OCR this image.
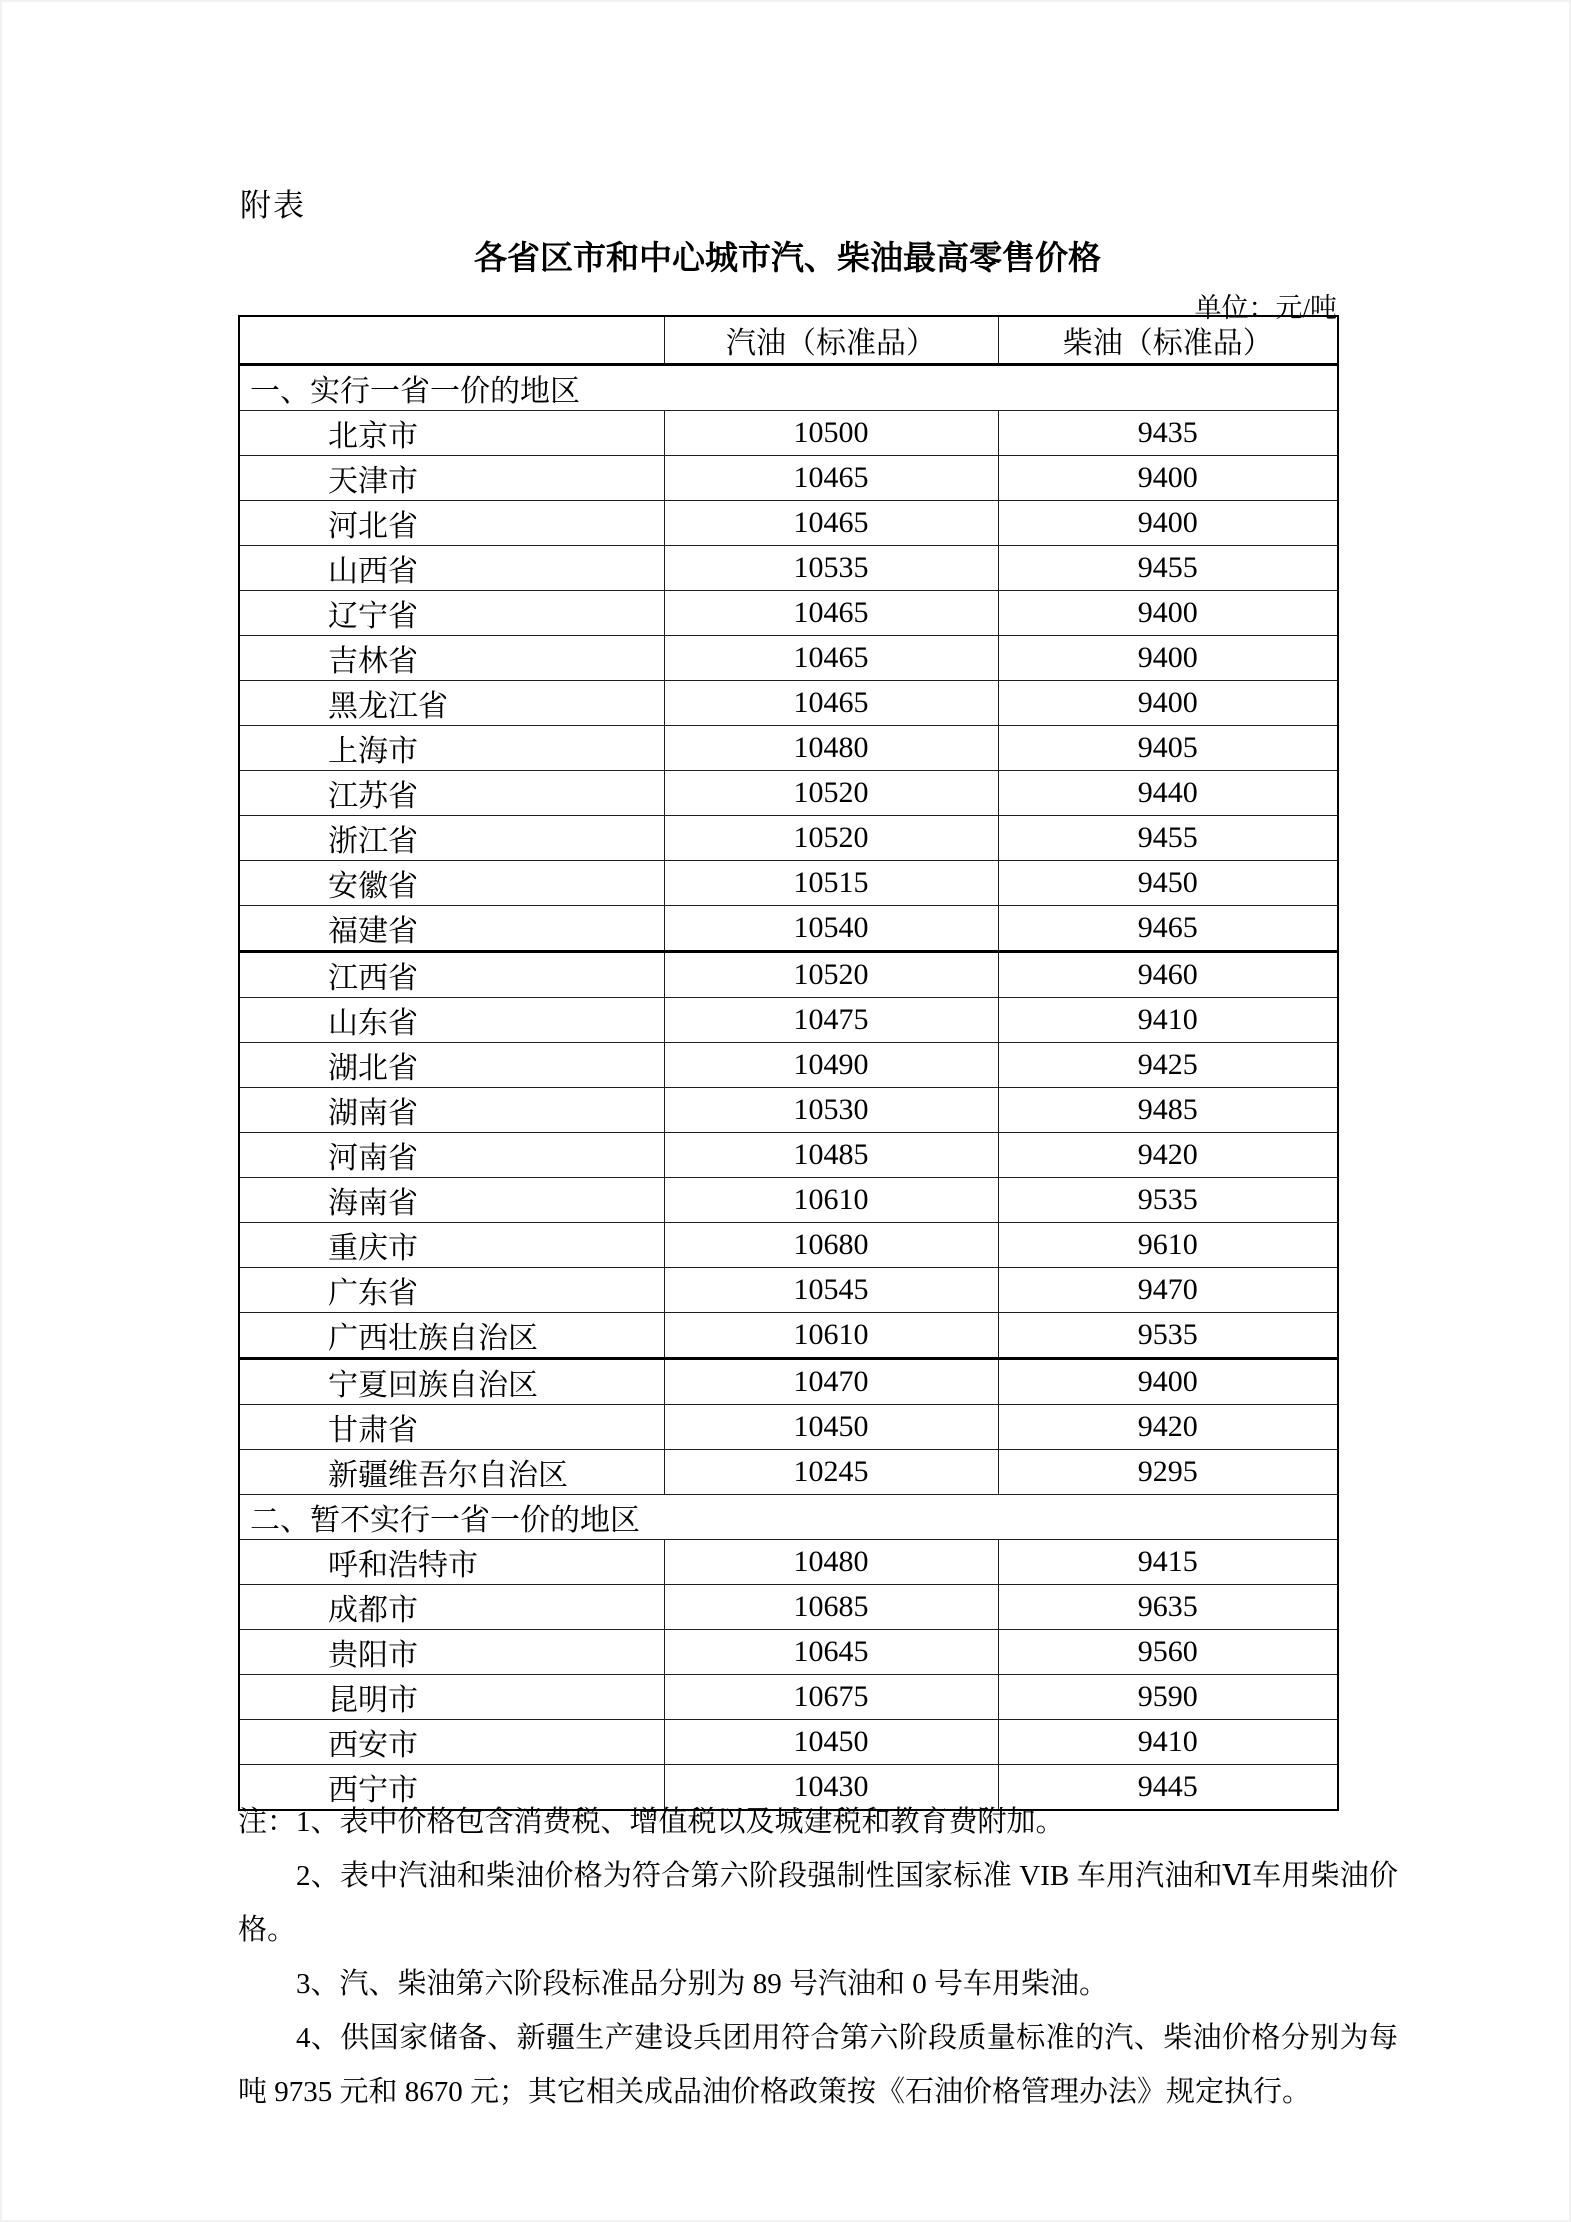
附表
各省区市和中心城市汽、柴油最高零售价格
单位：元/吨
	汽油（标准品）	柴油（标准品）
一、实行一省一价的地区		
北京市	10500	9435
天津市	10465	9400
河北省	10465	9400
山西省	10535	9455
辽宁省	10465	9400
吉林省	10465	9400
黑龙江省	10465	9400
上海市	10480	9405
江苏省	10520	9440
浙江省	10520	9455
安徽省	10515	9450
福建省	10540	9465
江西省	10520	9460
山东省	10475	9410
湖北省	10490	9425
湖南省	10530	9485
河南省	10485	9420
海南省	10610	9535
重庆市	10680	9610
广东省	10545	9470
广西壮族自治区	10610	9535
宁夏回族自治区	10470	9400
甘肃省	10450	9420
新疆维吾尔自治区	10245	9295
二、暂不实行一省一价的地区		
呼和浩特市	10480	9415
成都市	10685	9635
贵阳市	10645	9560
昆明市	10675	9590
西安市	10450	9410
西宁市	10430	9445

注：1、表中价格包含消费税、增值税以及城建税和教育费附加。

2、表中汽油和柴油价格为符合第六阶段强制性国家标准 VIB 车用汽油和Ⅵ车用柴油价格。

3、汽、柴油第六阶段标准品分别为 89 号汽油和 0 号车用柴油。

4、供国家储备、新疆生产建设兵团用符合第六阶段质量标准的汽、柴油价格分别为每吨 9735 元和 8670 元；其它相关成品油价格政策按《石油价格管理办法》规定执行。
